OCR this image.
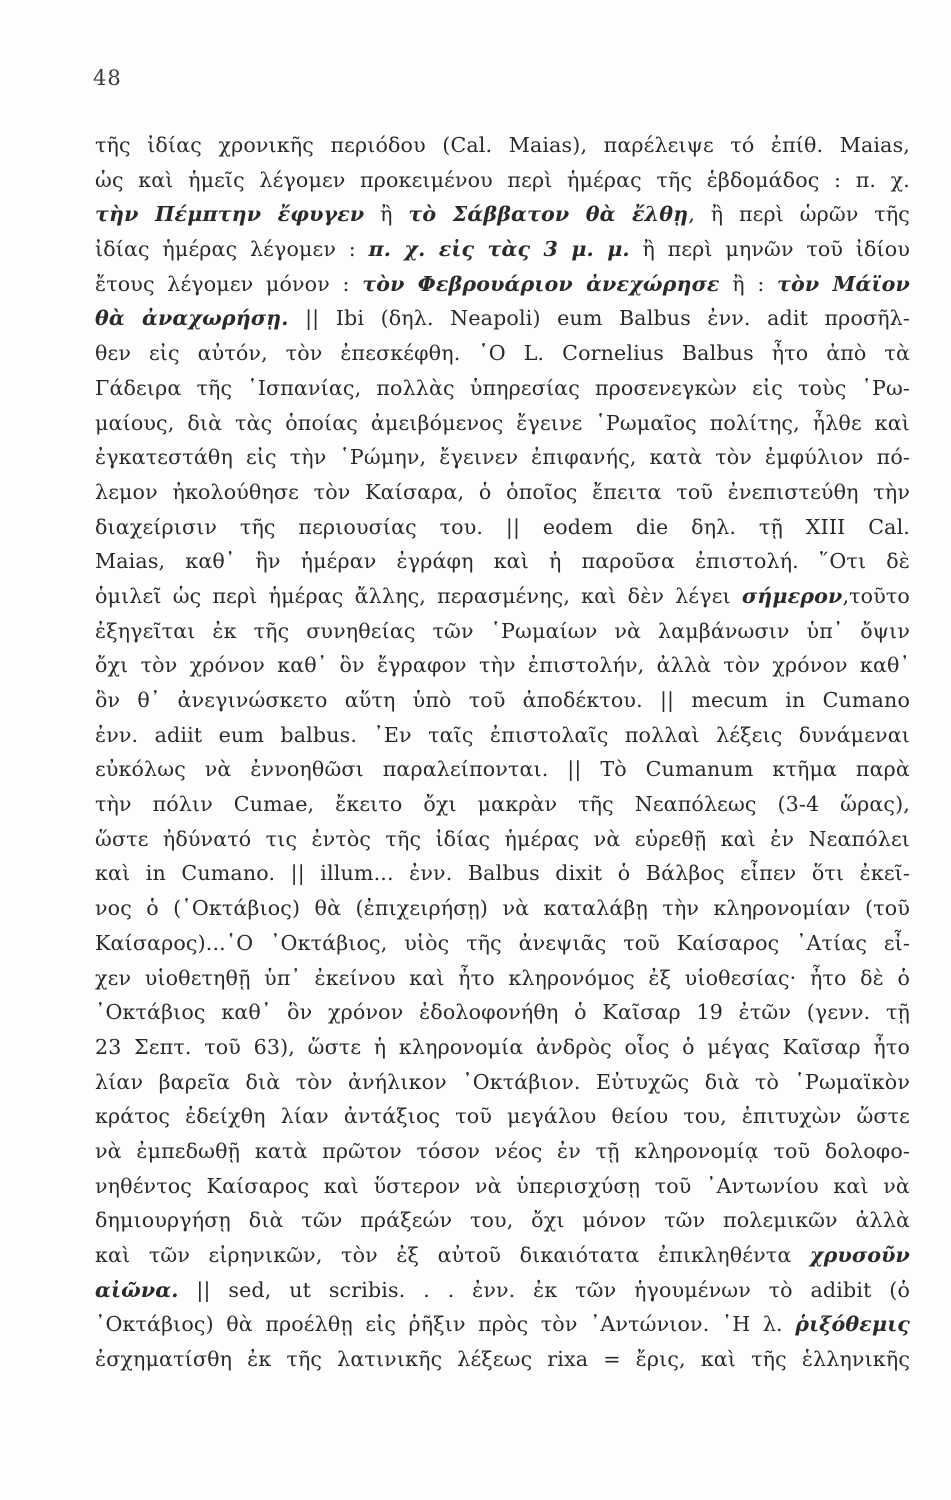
48
τῆς ἰδίας χρονικῆς περιόδου (Cal. Maias), παρέλειψε τό ἐπίθ. Maias,
ὡς καὶ ἡμεῖς λέγομεν προκειμένου περὶ ἡμέρας τῆς ἑβδομάδος : π. χ.
τὴν Πέμπτην ἔφυγεν ἢ τὸ Σάββατον θὰ ἔλθῃ, ἢ περὶ ὡρῶν τῆς
ἰδίας ἡμέρας λέγομεν : π. χ. εἰς τὰς 3 μ. μ. ἢ περὶ μηνῶν τοῦ ἰδίου
ἔτους λέγομεν μόνον : τὸν Φεβρουάριον ἀνεχώρησε ἢ : τὸν Μάϊον
θὰ ἀναχωρήσῃ. || Ibi (δηλ. Neapoli) eum Balbus ἐνν. adit προσῆλ-
θεν εἰς αὐτόν, τὸν ἐπεσκέφθη. ῾Ο L. Cornelius Balbus ἦτο ἀπὸ τὰ
Γάδειρα τῆς ῾Ισπανίας, πολλὰς ὑπηρεσίας προσενεγκὼν εἰς τοὺς ῾Ρω-
μαίους, διὰ τὰς ὁποίας ἀμειβόμενος ἔγεινε ῾Ρωμαῖος πολίτης, ἦλθε καὶ
ἐγκατεστάθη εἰς τὴν ῾Ρώμην, ἔγεινεν ἐπιφανής, κατὰ τὸν ἐμφύλιον πό-
λεμον ἠκολούθησε τὸν Καίσαρα, ὁ ὁποῖος ἔπειτα τοῦ ἐνεπιστεύθη τὴν
διαχείρισιν τῆς περιουσίας του. || eodem die δηλ. τῇ XIII Cal.
Maias, καθ᾿ ἣν ἡμέραν ἐγράφη καὶ ἡ παροῦσα ἐπιστολή. ῞Οτι δὲ
ὁμιλεῖ ὡς περὶ ἡμέρας ἄλλης, περασμένης, καὶ δὲν λέγει σήμερον,τοῦτο
ἐξηγεῖται ἐκ τῆς συνηθείας τῶν ῾Ρωμαίων νὰ λαμβάνωσιν ὑπ᾿ ὄψιν
ὄχι τὸν χρόνον καθ᾿ ὃν ἔγραφον τὴν ἐπιστολήν, ἀλλὰ τὸν χρόνον καθ᾿
ὃν θ᾿ ἀνεγινώσκετο αὕτη ὑπὸ τοῦ ἀποδέκτου. || mecum in Cumano
ἐνν. adiit eum balbus. ᾿Εν ταῖς ἐπιστολαῖς πολλαὶ λέξεις δυνάμεναι
εὐκόλως νὰ ἐννοηθῶσι παραλείπονται. || Τὸ Cumanum κτῆμα παρὰ
τὴν πόλιν Cumae, ἔκειτο ὄχι μακρὰν τῆς Νεαπόλεως (3-4 ὥρας),
ὥστε ἠδύνατό τις ἐντὸς τῆς ἰδίας ἡμέρας νὰ εὑρεθῇ καὶ ἐν Νεαπόλει
καὶ in Cumano. || illum... ἐνν. Balbus dixit ὁ Βάλβος εἶπεν ὅτι ἐκεῖ-
νος ὁ (῾Οκτάβιος) θὰ (ἐπιχειρήσῃ) νὰ καταλάβῃ τὴν κληρονομίαν (τοῦ
Καίσαρος)...῾Ο ᾿Οκτάβιος, υἱὸς τῆς ἀνεψιᾶς τοῦ Καίσαρος ᾿Ατίας εἶ-
χεν υἱοθετηθῇ ὑπ᾿ ἐκείνου καὶ ἦτο κληρονόμος ἐξ υἱοθεσίας· ἦτο δὲ ὁ
᾿Οκτάβιος καθ᾿ ὃν χρόνον ἐδολοφονήθη ὁ Καῖσαρ 19 ἐτῶν (γενν. τῇ
23 Σεπτ. τοῦ 63), ὥστε ἡ κληρονομία ἀνδρὸς οἷος ὁ μέγας Καῖσαρ ἦτο
λίαν βαρεῖα διὰ τὸν ἀνήλικον ᾿Οκτάβιον. Εὐτυχῶς διὰ τὸ ῾Ρωμαϊκὸν
κράτος ἐδείχθη λίαν ἀντάξιος τοῦ μεγάλου θείου του, ἐπιτυχὼν ὥστε
νὰ ἐμπεδωθῇ κατὰ πρῶτον τόσον νέος ἐν τῇ κληρονομίᾳ τοῦ δολοφο-
νηθέντος Καίσαρος καὶ ὕστερον νὰ ὑπερισχύσῃ τοῦ ᾿Αντωνίου καὶ νὰ
δημιουργήσῃ διὰ τῶν πράξεών του, ὄχι μόνον τῶν πολεμικῶν ἀλλὰ
καὶ τῶν εἰρηνικῶν, τὸν ἐξ αὐτοῦ δικαιότατα ἐπικληθέντα χρυσοῦν
αἰῶνα. || sed, ut scribis. . . ἐνν. ἐκ τῶν ἡγουμένων τὸ adibit (ὁ
᾿Οκτάβιος) θὰ προέλθῃ εἰς ῥῆξιν πρὸς τὸν ᾿Αντώνιον. ῾Η λ. ῥιξόθεμις
ἐσχηματίσθη ἐκ τῆς λατινικῆς λέξεως rixa = ἔρις, καὶ τῆς ἑλληνικῆς
